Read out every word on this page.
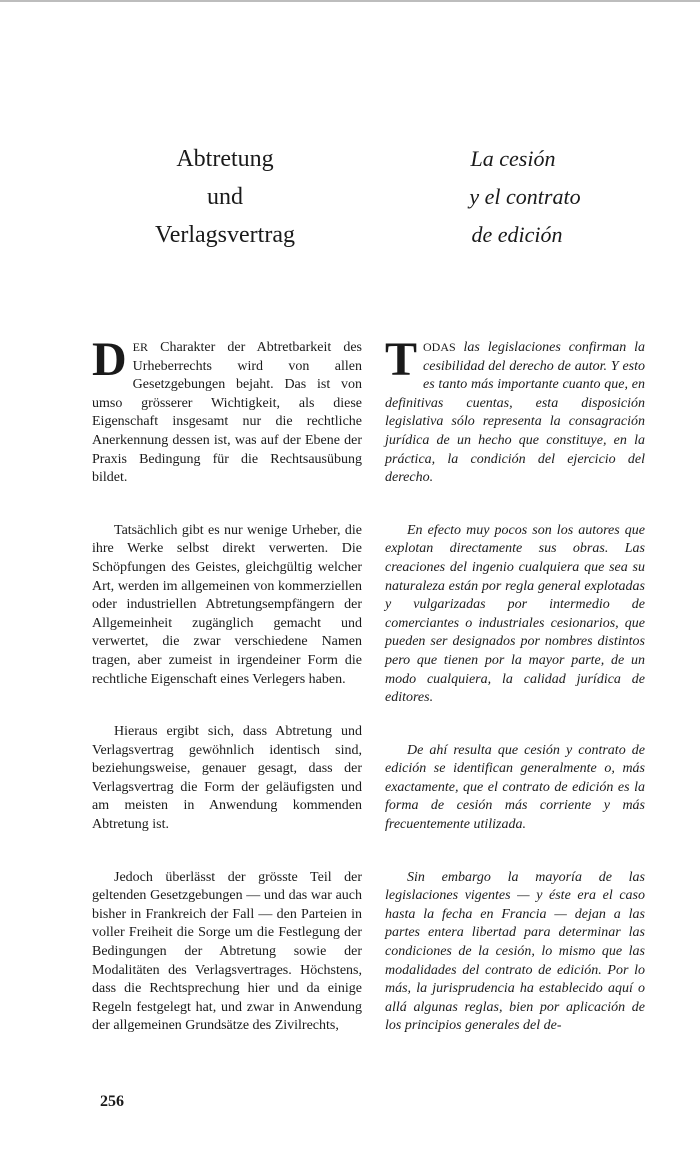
Abtretung
und
Verlagsvertrag
La cesión
y el contrato
de edición

DER Charakter der Abtretbarkeit des Urheberrechts wird von allen Gesetzgebungen bejaht. Das ist von umso grösserer Wichtigkeit, als diese Eigenschaft insgesamt nur die rechtliche Anerkennung dessen ist, was auf der Ebene der Praxis Bedingung für die Rechtsausübung bildet.

Tatsächlich gibt es nur wenige Urheber, die ihre Werke selbst direkt verwerten. Die Schöpfungen des Geistes, gleichgültig welcher Art, werden im allgemeinen von kommerziellen oder industriellen Abtretungsempfängern der Allgemeinheit zugänglich gemacht und verwertet, die zwar verschiedene Namen tragen, aber zumeist in irgendeiner Form die rechtliche Eigenschaft eines Verlegers haben.

Hieraus ergibt sich, dass Abtretung und Verlagsvertrag gewöhnlich identisch sind, beziehungsweise, genauer gesagt, dass der Verlagsvertrag die Form der geläufigsten und am meisten in Anwendung kommenden Abtretung ist.

Jedoch überlässt der grösste Teil der geltenden Gesetzgebungen — und das war auch bisher in Frankreich der Fall — den Parteien in voller Freiheit die Sorge um die Festlegung der Bedingungen der Abtretung sowie der Modalitäten des Verlagsvertrages. Höchstens, dass die Rechtsprechung hier und da einige Regeln festgelegt hat, und zwar in Anwendung der allgemeinen Grundsätze des Zivilrechts,

TODAS las legislaciones confirman la cesibilidad del derecho de autor. Y esto es tanto más importante cuanto que, en definitivas cuentas, esta disposición legislativa sólo representa la consagración jurídica de un hecho que constituye, en la práctica, la condición del ejercicio del derecho.

En efecto muy pocos son los autores que explotan directamente sus obras. Las creaciones del ingenio cualquiera que sea su naturaleza están por regla general explotadas y vulgarizadas por intermedio de comerciantes o industriales cesionarios, que pueden ser designados por nombres distintos pero que tienen por la mayor parte, de un modo cualquiera, la calidad jurídica de editores.

De ahí resulta que cesión y contrato de edición se identifican generalmente o, más exactamente, que el contrato de edición es la forma de cesión más corriente y más frecuentemente utilizada.

Sin embargo la mayoría de las legislaciones vigentes — y éste era el caso hasta la fecha en Francia — dejan a las partes entera libertad para determinar las condiciones de la cesión, lo mismo que las modalidades del contrato de edición. Por lo más, la jurisprudencia ha establecido aquí o allá algunas reglas, bien por aplicación de los principios generales del de-

256
